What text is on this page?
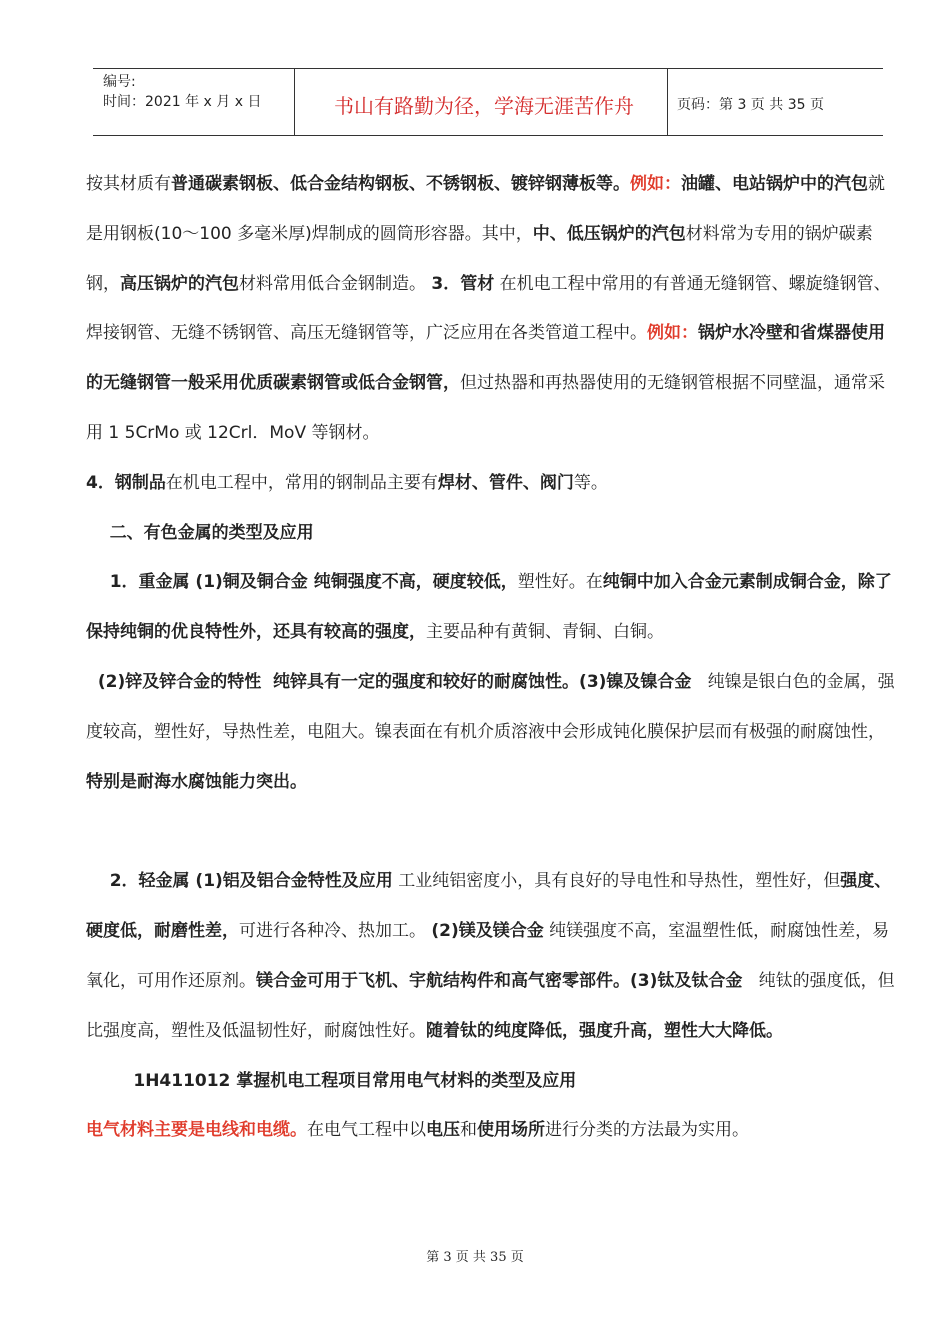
编号:
时间：2021 年 x 月 x 日	书山有路勤为径，学海无涯苦作舟	页码：第 3 页 共 35 页

按其材质有普通碳素钢板、低合金结构钢板、不锈钢板、镀锌钢薄板等。例如：油罐、电站锅炉中的汽包就是用钢板(10～100 多毫米厚)焊制成的圆筒形容器。其中，中、低压锅炉的汽包材料常为专用的锅炉碳素钢，高压锅炉的汽包材料常用低合金钢制造。 3．管材 在机电工程中常用的有普通无缝钢管、螺旋缝钢管、焊接钢管、无缝不锈钢管、高压无缝钢管等，广泛应用在各类管道工程中。例如：锅炉水冷壁和省煤器使用的无缝钢管一般采用优质碳素钢管或低合金钢管，但过热器和再热器使用的无缝钢管根据不同壁温，通常采用 1 5CrMo 或 12Crl．MoV 等钢材。

4．钢制品在机电工程中，常用的钢制品主要有焊材、管件、阀门等。

二、有色金属的类型及应用

1．重金属 (1)铜及铜合金 纯铜强度不高，硬度较低，塑性好。在纯铜中加入合金元素制成铜合金，除了保持纯铜的优良特性外，还具有较高的强度，主要品种有黄铜、青铜、白铜。

(2)锌及锌合金的特性  纯锌具有一定的强度和较好的耐腐蚀性。(3)镍及镍合金   纯镍是银白色的金属，强度较高，塑性好，导热性差，电阻大。镍表面在有机介质溶液中会形成钝化膜保护层而有极强的耐腐蚀性，特别是耐海水腐蚀能力突出。

2．轻金属 (1)铝及铝合金特性及应用 工业纯铝密度小，具有良好的导电性和导热性，塑性好，但强度、硬度低，耐磨性差，可进行各种冷、热加工。 (2)镁及镁合金 纯镁强度不高，室温塑性低，耐腐蚀性差，易氧化，可用作还原剂。镁合金可用于飞机、宇航结构件和高气密零部件。(3)钛及钛合金   纯钛的强度低，但比强度高，塑性及低温韧性好，耐腐蚀性好。随着钛的纯度降低，强度升高，塑性大大降低。

1H411012 掌握机电工程项目常用电气材料的类型及应用

电气材料主要是电线和电缆。在电气工程中以电压和使用场所进行分类的方法最为实用。

第 3 页 共 35 页
